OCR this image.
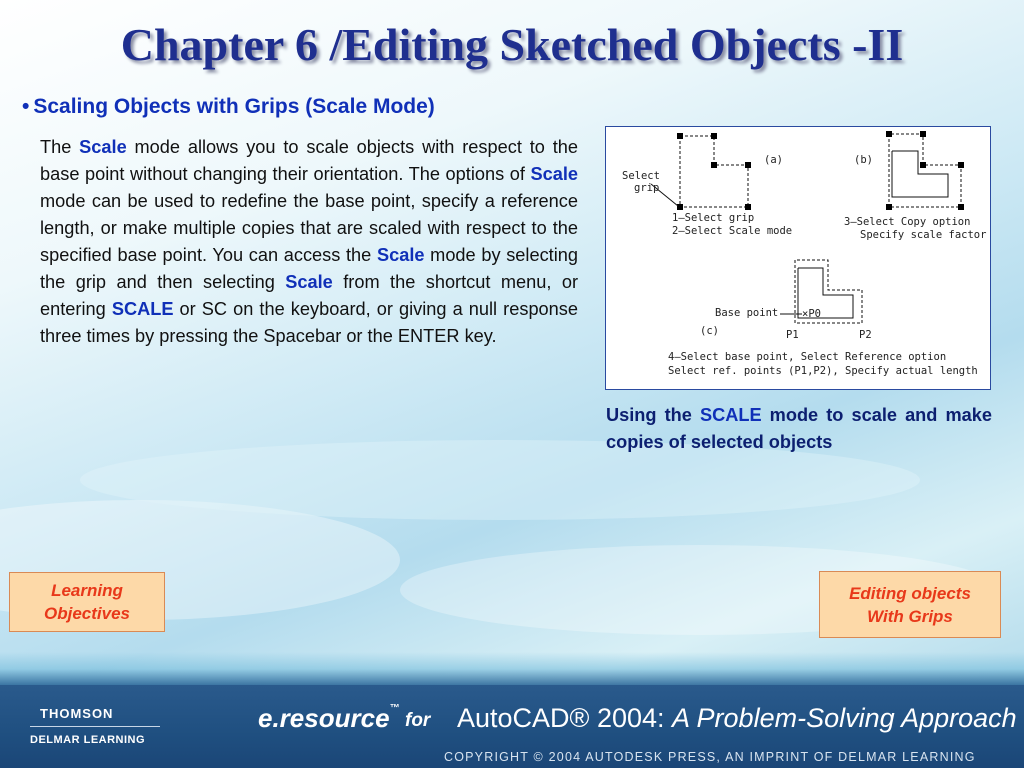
Chapter 6 /Editing Sketched Objects -II
• Scaling Objects with Grips (Scale Mode)
The Scale mode allows you to scale objects with respect to the base point without changing their orientation. The options of Scale mode can be used to redefine the base point, specify a reference length, or make multiple copies that are scaled with respect to the specified base point. You can access the Scale mode by selecting the grip and then selecting Scale from the shortcut menu, or entering SCALE or SC on the keyboard, or giving a null response three times by pressing the Spacebar or the ENTER key.
Select
grip
(a)
1—Select grip
2—Select Scale mode
(b)
3—Select Copy option
Specify scale factor
Base point ×P0
(c)	P1	P2
4—Select base point, Select Reference option
Select ref. points (P1,P2), Specify actual length
Using the SCALE mode to scale and make copies of selected objects
Learning
Objectives
Editing objects
With Grips
THOMSON
DELMAR LEARNING
e.resource™
for AutoCAD® 2004: A Problem-Solving Approach
COPYRIGHT © 2004 AUTODESK PRESS, AN IMPRINT OF DELMAR LEARNING
